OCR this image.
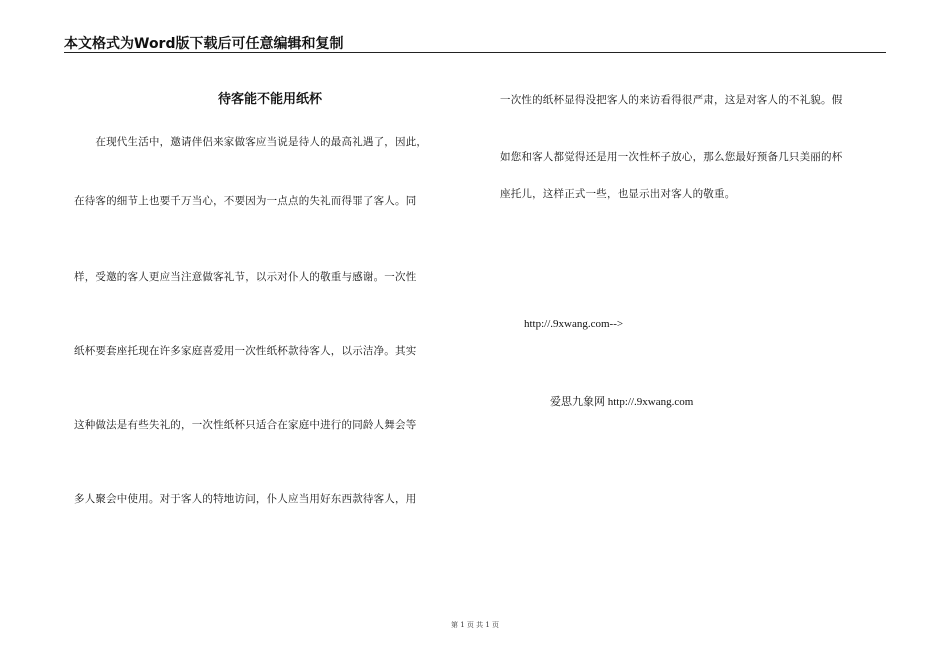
本文格式为Word版下载后可任意编辑和复制
待客能不能用纸杯
　　在现代生活中，邀请伴侣来家做客应当说是待人的最高礼遇了，因此，
在待客的细节上也要千万当心，不要因为一点点的失礼而得罪了客人。同
样，受邀的客人更应当注意做客礼节，以示对仆人的敬重与感谢。一次性
纸杯要套座托现在许多家庭喜爱用一次性纸杯款待客人，以示洁净。其实
这种做法是有些失礼的，一次性纸杯只适合在家庭中进行的同龄人舞会等
多人聚会中使用。对于客人的特地访问，仆人应当用好东西款待客人，用
一次性的纸杯显得没把客人的来访看得很严肃，这是对客人的不礼貌。假
如您和客人都觉得还是用一次性杯子放心，那么您最好预备几只美丽的杯
座托儿，这样正式一些，也显示出对客人的敬重。
http://.9xwang.com-->
爱思九象网 http://.9xwang.com
第 1 页 共 1 页
